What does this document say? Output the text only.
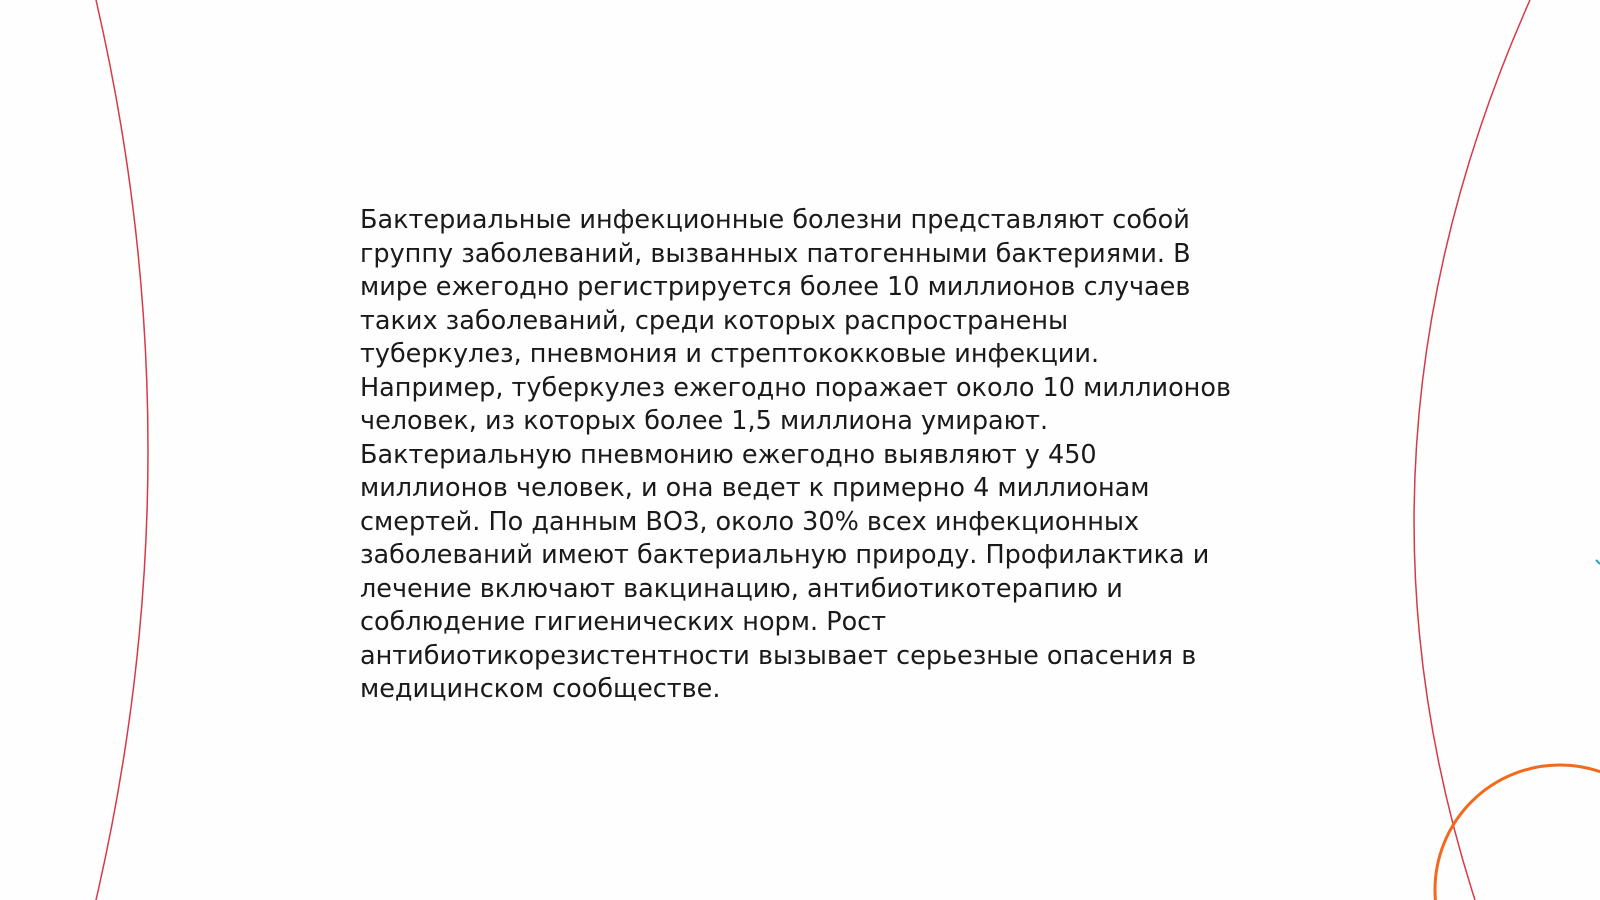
Бактериальные инфекционные болезни представляют собой
группу заболеваний, вызванных патогенными бактериями. В
мире ежегодно регистрируется более 10 миллионов случаев
таких заболеваний, среди которых распространены
туберкулез, пневмония и стрептококковые инфекции.
Например, туберкулез ежегодно поражает около 10 миллионов
человек, из которых более 1,5 миллиона умирают.
Бактериальную пневмонию ежегодно выявляют у 450
миллионов человек, и она ведет к примерно 4 миллионам
смертей. По данным ВОЗ, около 30% всех инфекционных
заболеваний имеют бактериальную природу. Профилактика и
лечение включают вакцинацию, антибиотикотерапию и
соблюдение гигиенических норм. Рост
антибиотикорезистентности вызывает серьезные опасения в
медицинском сообществе.
